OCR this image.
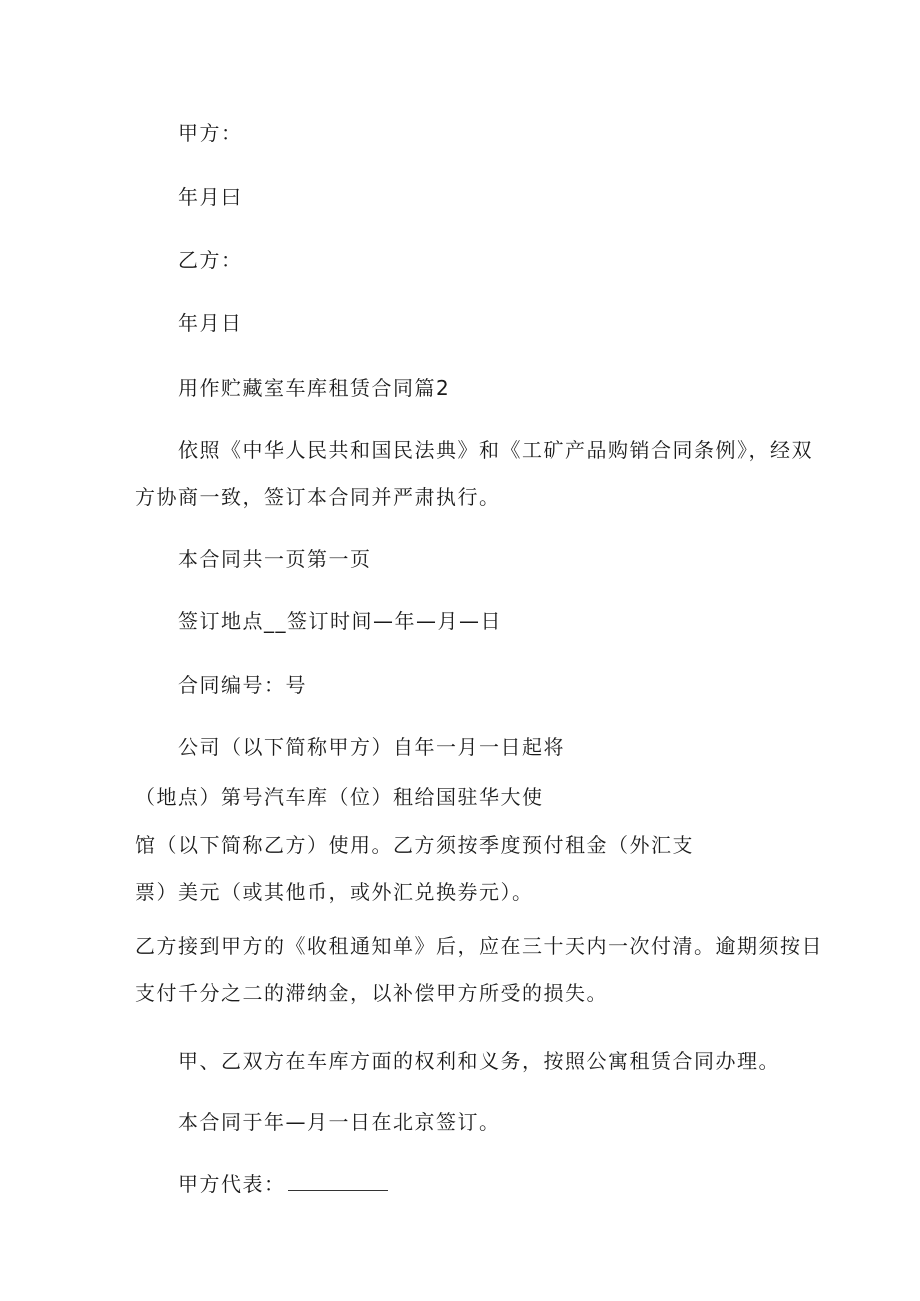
甲方：
年月曰
乙方：
年月日
用作贮藏室车库租赁合同篇2
依照《中华人民共和国民法典》和《工矿产品购销合同条例》，经双
方协商一致，签订本合同并严肃执行。
本合同共一页第一页
签订地点__签订时间—年—月—日
合同编号：号
公司（以下简称甲方）自年一月一日起将
（地点）第号汽车库（位）租给国驻华大使
馆（以下简称乙方）使用。乙方须按季度预付租金（外汇支
票）美元（或其他币，或外汇兑换券元）。
乙方接到甲方的《收租通知单》后，应在三十天内一次付清。逾期须按日
支付千分之二的滞纳金，以补偿甲方所受的损失。
甲、乙双方在车库方面的权利和义务，按照公寓租赁合同办理。
本合同于年—月一日在北京签订。
甲方代表：
